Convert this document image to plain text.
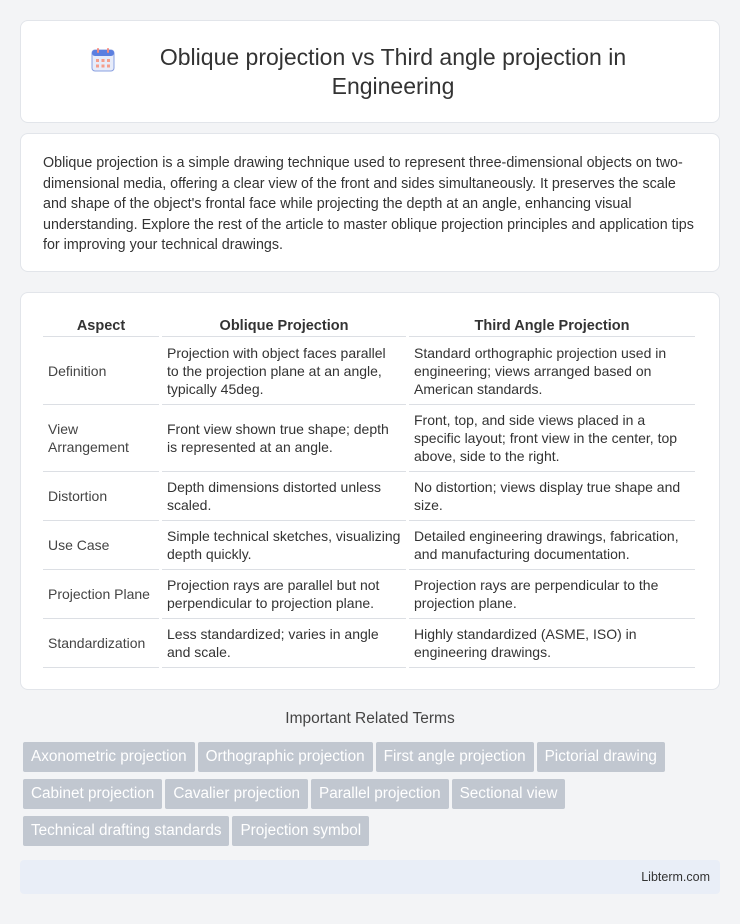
Oblique projection vs Third angle projection in Engineering

Oblique projection is a simple drawing technique used to represent three-dimensional objects on two-dimensional media, offering a clear view of the front and sides simultaneously. It preserves the scale and shape of the object's frontal face while projecting the depth at an angle, enhancing visual understanding. Explore the rest of the article to master oblique projection principles and application tips for improving your technical drawings.

Aspect	Oblique Projection	Third Angle Projection
Definition	Projection with object faces parallel to the projection plane at an angle, typically 45deg.	Standard orthographic projection used in engineering; views arranged based on American standards.
View Arrangement	Front view shown true shape; depth is represented at an angle.	Front, top, and side views placed in a specific layout; front view in the center, top above, side to the right.
Distortion	Depth dimensions distorted unless scaled.	No distortion; views display true shape and size.
Use Case	Simple technical sketches, visualizing depth quickly.	Detailed engineering drawings, fabrication, and manufacturing documentation.
Projection Plane	Projection rays are parallel but not perpendicular to projection plane.	Projection rays are perpendicular to the projection plane.
Standardization	Less standardized; varies in angle and scale.	Highly standardized (ASME, ISO) in engineering drawings.
Important Related Terms
Axonometric projection Orthographic projection First angle projection Pictorial drawingCabinet projection Cavalier projection Parallel projection Sectional viewTechnical drafting standards Projection symbol
Libterm.com
